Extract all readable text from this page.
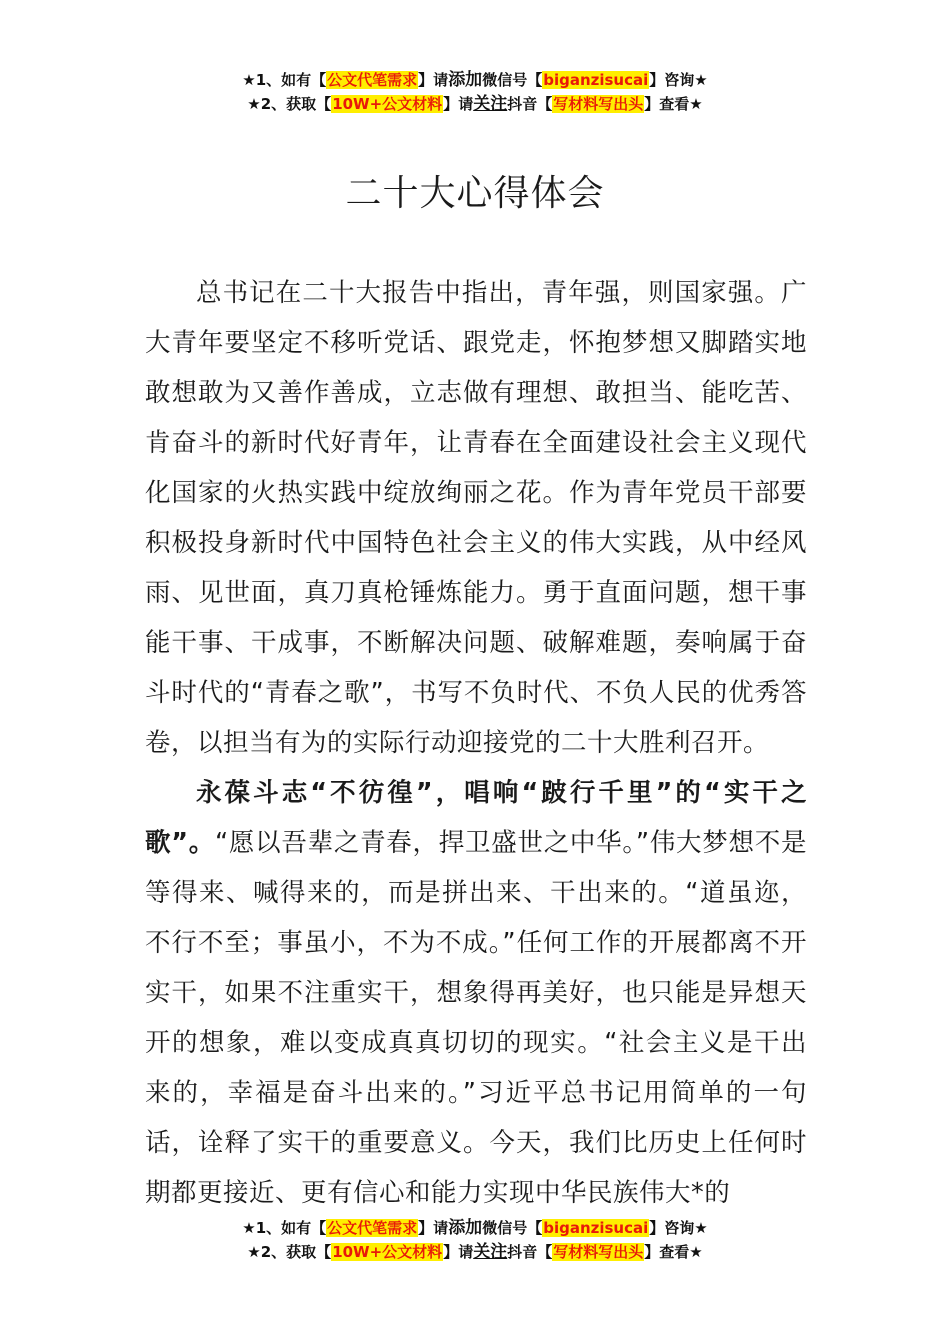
★1、如有【公文代笔需求】请添加微信号【biganzisucai】咨询★
★2、获取【10W+公文材料】请关注抖音【写材料写出头】查看★
二十大心得体会

总书记在二十大报告中指出，青年强，则国家强。广大青年要坚定不移听党话、跟党走，怀抱梦想又脚踏实地敢想敢为又善作善成，立志做有理想、敢担当、能吃苦、肯奋斗的新时代好青年，让青春在全面建设社会主义现代化国家的火热实践中绽放绚丽之花。作为青年党员干部要积极投身新时代中国特色社会主义的伟大实践，从中经风雨、见世面，真刀真枪锤炼能力。勇于直面问题，想干事能干事、干成事，不断解决问题、破解难题，奏响属于奋斗时代的“青春之歌”，书写不负时代、不负人民的优秀答卷，以担当有为的实际行动迎接党的二十大胜利召开。

永葆斗志“不彷徨”，唱响“跛行千里”的“实干之歌”。“愿以吾辈之青春，捍卫盛世之中华。”伟大梦想不是等得来、喊得来的，而是拼出来、干出来的。“道虽迩，不行不至；事虽小，不为不成。”任何工作的开展都离不开实干，如果不注重实干，想象得再美好，也只能是异想天开的想象，难以变成真真切切的现实。“社会主义是干出来的，幸福是奋斗出来的。”习近平总书记用简单的一句话，诠释了实干的重要意义。今天，我们比历史上任何时期都更接近、更有信心和能力实现中华民族伟大*的

★1、如有【公文代笔需求】请添加微信号【biganzisucai】咨询★
★2、获取【10W+公文材料】请关注抖音【写材料写出头】查看★
